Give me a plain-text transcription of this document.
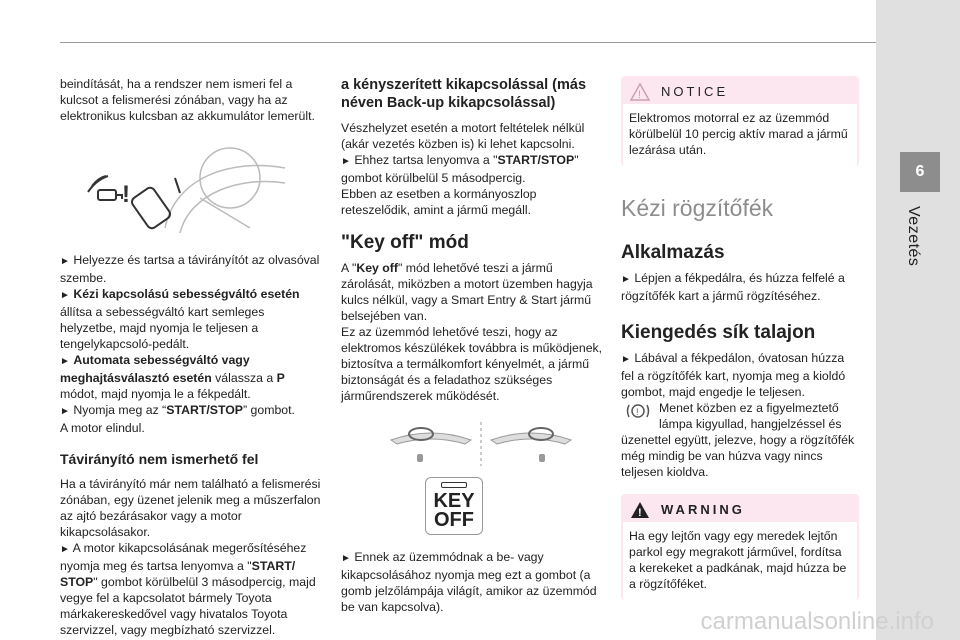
6
Vezetés

beindítását, ha a rendszer nem ismeri fel a kulcsot a felismerési zónában, vagy ha az elektronikus kulcsban az akkumulátor lemerült.

!

► Helyezze és tartsa a távirányítót az olvasóval szembe.

► Kézi kapcsolású sebességváltó esetén állítsa a sebességváltó kart semleges helyzetbe, majd nyomja le teljesen a tengelykapcsoló-pedált.

► Automata sebességváltó vagy meghajtásválasztó esetén válassza a P módot, majd nyomja le a fékpedált.

► Nyomja meg az “START/STOP” gombot.

A motor elindul.

Távirányító nem ismerhető fel

Ha a távirányító már nem található a felismerési zónában, egy üzenet jelenik meg a műszerfalon az ajtó bezárásakor vagy a motor kikapcsolásakor.

► A motor kikapcsolásának megerősítéséhez nyomja meg és tartsa lenyomva a "START/ STOP" gombot körülbelül 3 másodpercig, majd vegye fel a kapcsolatot bármely Toyota márkakereskedővel vagy hivatalos Toyota szervizzel, vagy megbízható szervizzel.

a kényszerített kikapcsolással (más néven Back-up kikapcsolással)

Vészhelyzet esetén a motort feltételek nélkül (akár vezetés közben is) ki lehet kapcsolni.

► Ehhez tartsa lenyomva a "START/STOP" gombot körülbelül 5 másodpercig.

Ebben az esetben a kormányoszlop reteszelődik, amint a jármű megáll.

"Key off" mód

A "Key off" mód lehetővé teszi a jármű zárolását, miközben a motort üzemben hagyja kulcs nélkül, vagy a Smart Entry & Start jármű belsejében van.

Ez az üzemmód lehetővé teszi, hogy az elektromos készülékek továbbra is működjenek, biztosítva a termálkomfort kényelmét, a jármű biztonságát és a feladathoz szükséges járműrendszerek működését.

KEY
OFF

► Ennek az üzemmódnak a be- vagy kikapcsolásához nyomja meg ezt a gombot (a gomb jelzőlámpája világít, amikor az üzemmód be van kapcsolva).

! NOTICE
Elektromos motorral ez az üzemmód körülbelül 10 percig aktív marad a jármű lezárása után.
Kézi rögzítőfék
Alkalmazás

► Lépjen a fékpedálra, és húzza felfelé a rögzítőfék kart a jármű rögzítéséhez.

Kiengedés sík talajon

► Lábával a fékpedálon, óvatosan húzza fel a rögzítőfék kart, nyomja meg a kioldó gombot, majd engedje le teljesen.

! Menet közben ez a figyelmeztető lámpa kigyullad, hangjelzéssel és üzenettel együtt, jelezve, hogy a rögzítőfék még mindig be van húzva vagy nincs teljesen kioldva.

! WARNING
Ha egy lejtőn vagy egy meredek lejtőn parkol egy megrakott járművel, fordítsa a kerekeket a padkának, majd húzza be a rögzítőféket.
carmanualsonline.info
